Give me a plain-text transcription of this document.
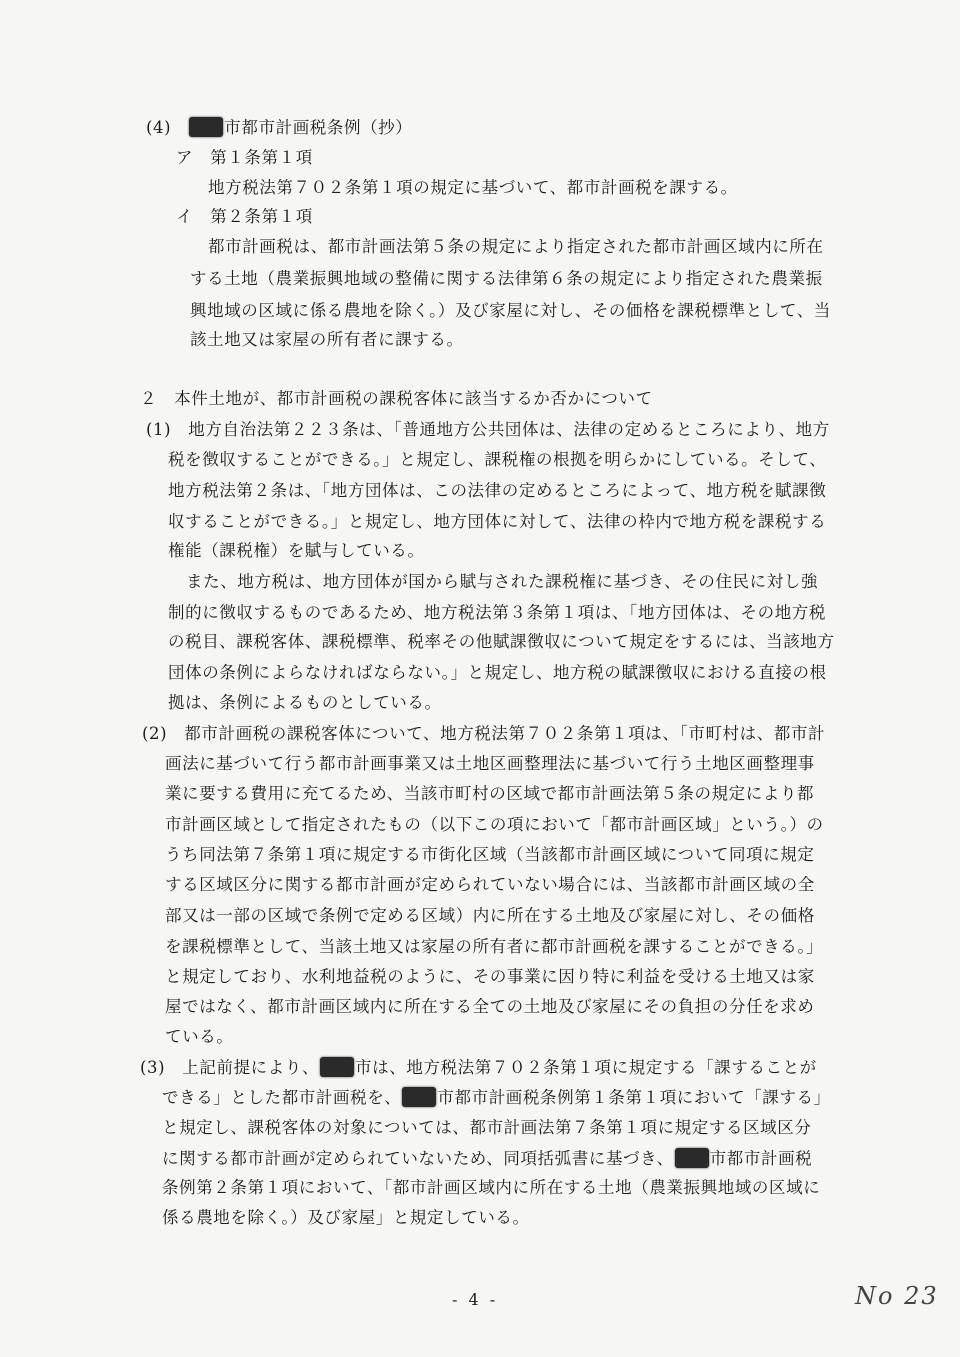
(4)　	市都市計画税条例（抄）
ア　第１条第１項
地方税法第７０２条第１項の規定に基づいて、都市計画税を課する。
イ　第２条第１項
都市計画税は、都市計画法第５条の規定により指定された都市計画区域内に所在
する土地（農業振興地域の整備に関する法律第６条の規定により指定された農業振
興地域の区域に係る農地を除く。）及び家屋に対し、その価格を課税標準として、当
該土地又は家屋の所有者に課する。
２　本件土地が、都市計画税の課税客体に該当するか否かについて
(1)　地方自治法第２２３条は、「普通地方公共団体は、法律の定めるところにより、地方
税を徴収することができる。」と規定し、課税権の根拠を明らかにしている。そして、
地方税法第２条は、「地方団体は、この法律の定めるところによって、地方税を賦課徴
収することができる。」と規定し、地方団体に対して、法律の枠内で地方税を課税する
権能（課税権）を賦与している。
また、地方税は、地方団体が国から賦与された課税権に基づき、その住民に対し強
制的に徴収するものであるため、地方税法第３条第１項は、「地方団体は、その地方税
の税目、課税客体、課税標準、税率その他賦課徴収について規定をするには、当該地方
団体の条例によらなければならない。」と規定し、地方税の賦課徴収における直接の根
拠は、条例によるものとしている。
(2)　都市計画税の課税客体について、地方税法第７０２条第１項は、「市町村は、都市計
画法に基づいて行う都市計画事業又は土地区画整理法に基づいて行う土地区画整理事
業に要する費用に充てるため、当該市町村の区域で都市計画法第５条の規定により都
市計画区域として指定されたもの（以下この項において「都市計画区域」という。）の
うち同法第７条第１項に規定する市街化区域（当該都市計画区域について同項に規定
する区域区分に関する都市計画が定められていない場合には、当該都市計画区域の全
部又は一部の区域で条例で定める区域）内に所在する土地及び家屋に対し、その価格
を課税標準として、当該土地又は家屋の所有者に都市計画税を課することができる。」
と規定しており、水利地益税のように、その事業に因り特に利益を受ける土地又は家
屋ではなく、都市計画区域内に所在する全ての土地及び家屋にその負担の分任を求め
ている。
(3)　上記前提により、 市は、地方税法第７０２条第１項に規定する「課することが
できる」とした都市計画税を、 市都市計画税条例第１条第１項において「課する」
と規定し、課税客体の対象については、都市計画法第７条第１項に規定する区域区分
に関する都市計画が定められていないため、同項括弧書に基づき、 市都市計画税
条例第２条第１項において、「都市計画区域内に所在する土地（農業振興地域の区域に
係る農地を除く。）及び家屋」と規定している。
- 4 -	No 23
